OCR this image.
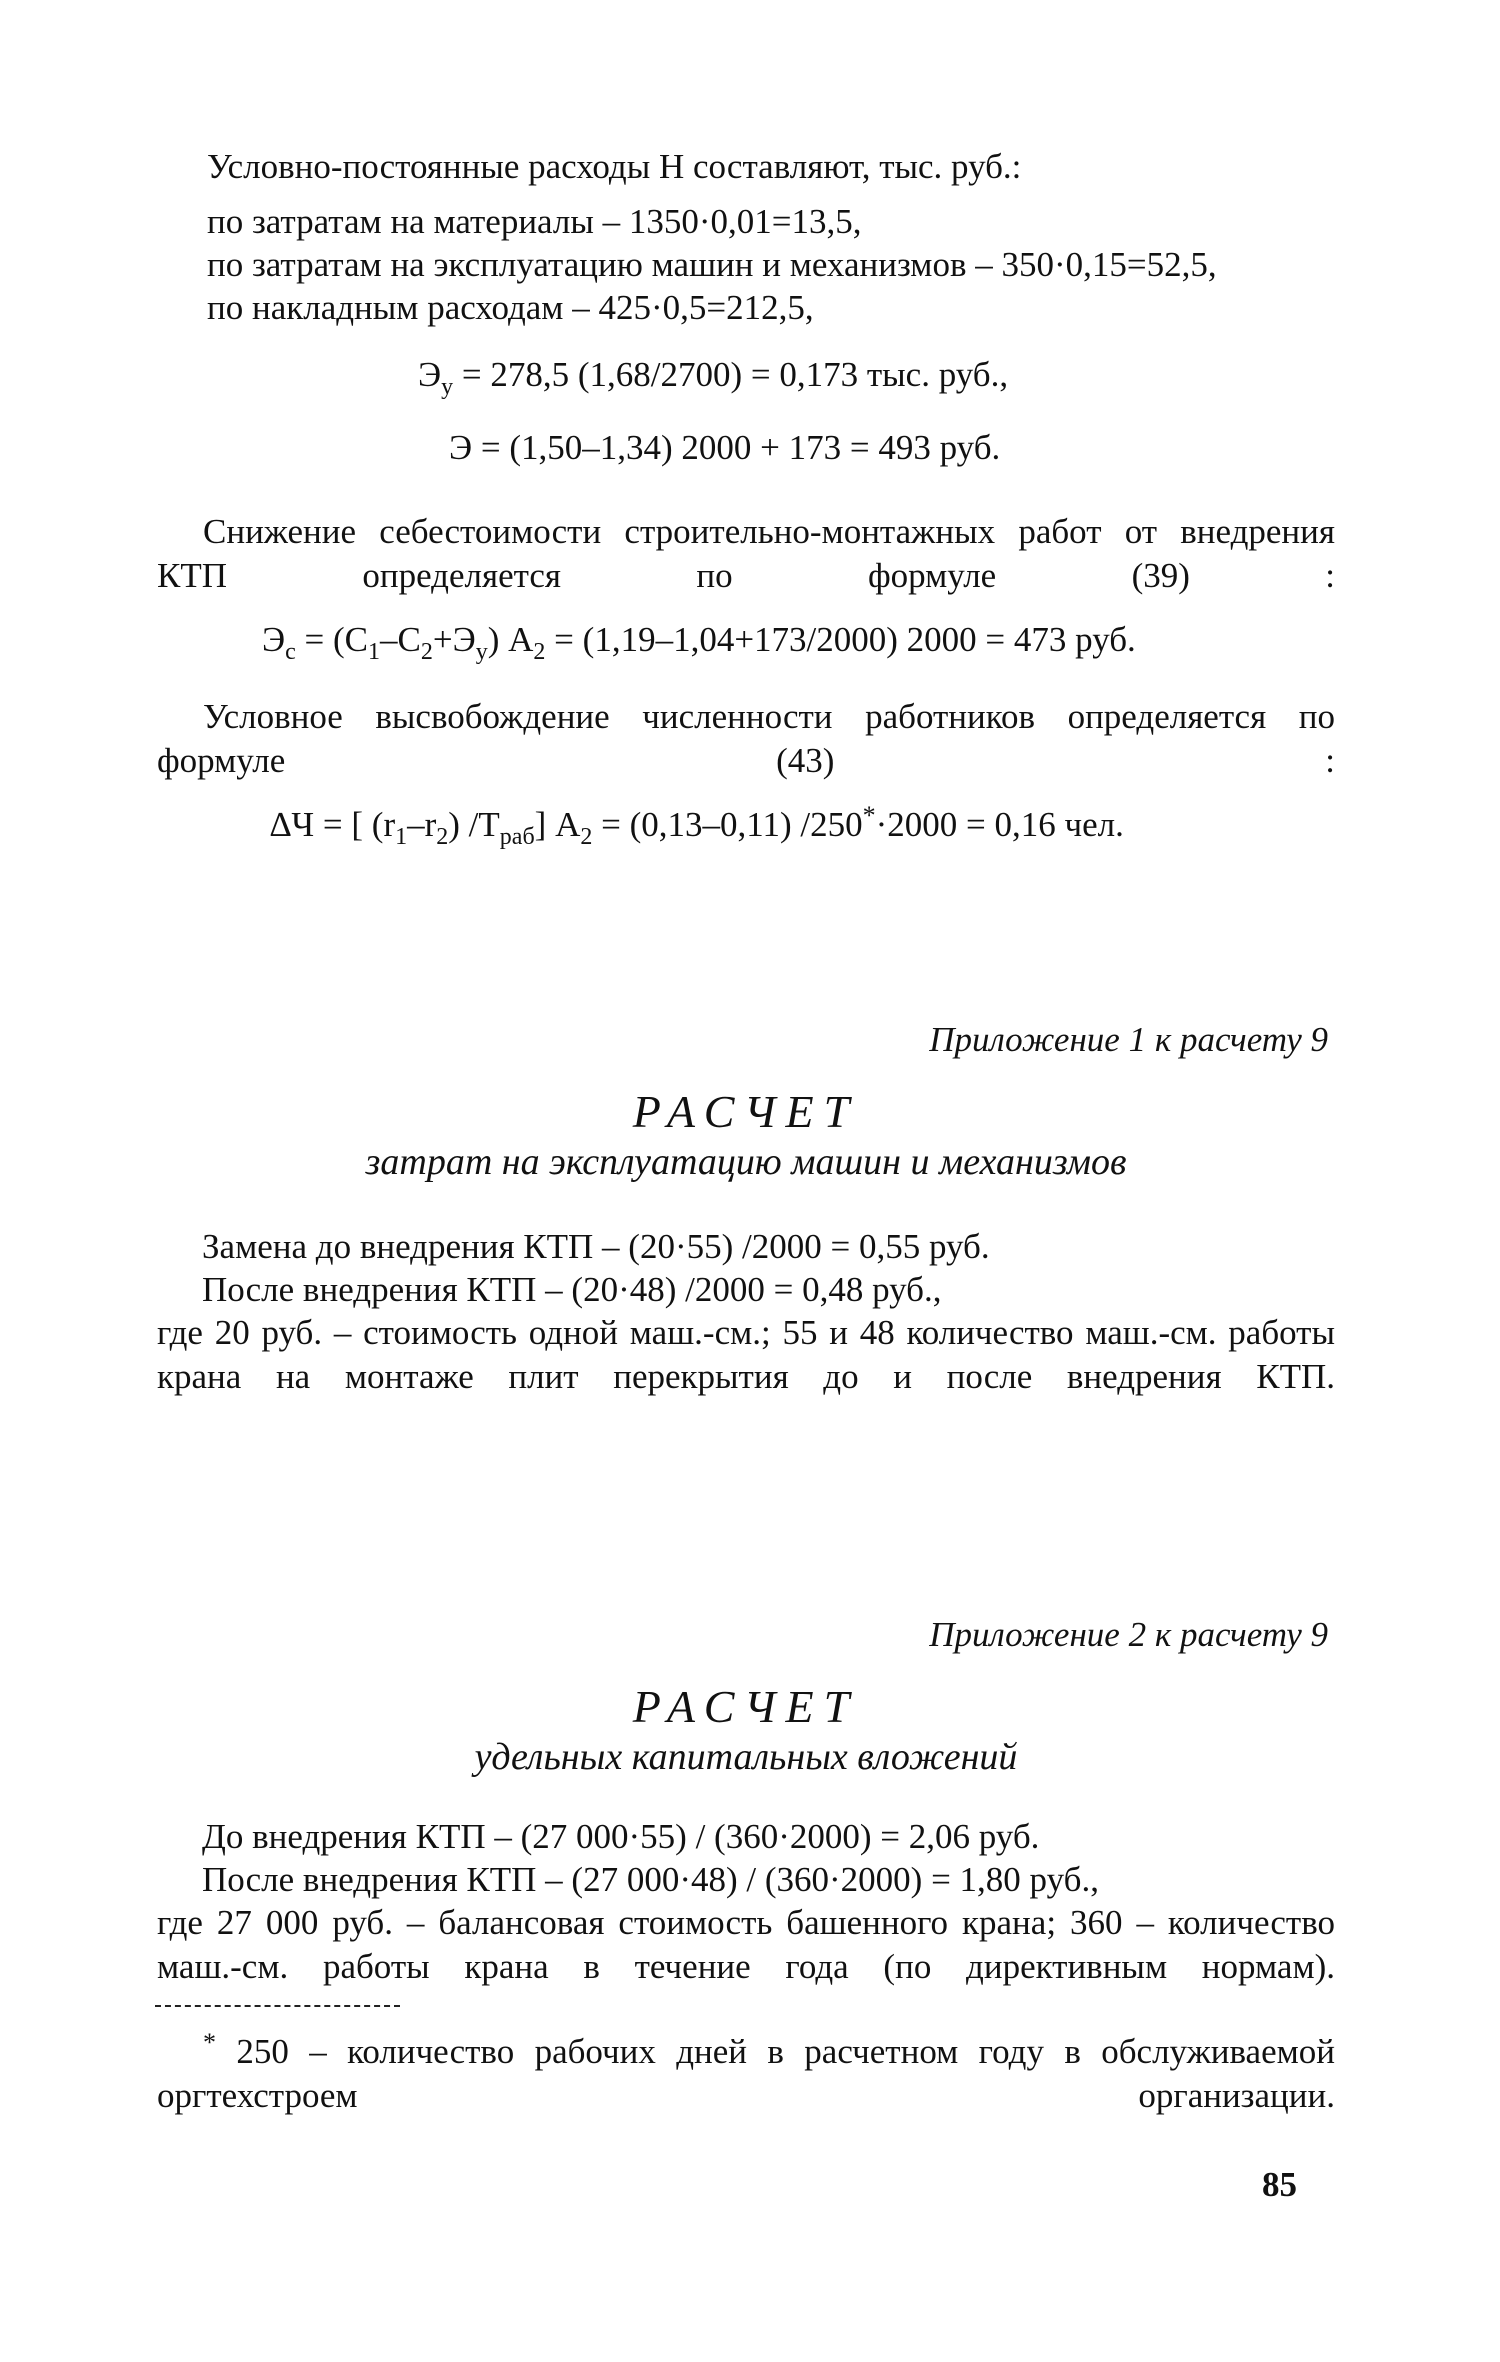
Условно-постоянные расходы Н составляют, тыс. руб.:
по затратам на материалы – 1350·0,01=13,5,
по затратам на эксплуатацию машин и механизмов – 350·0,15=52,5,
по накладным расходам – 425·0,5=212,5,
$Э_у = 278,5$ (1,68/2700) = 0,173 тыс. руб.,
Э = (1,50–1,34) 2000 + 173 = 493 руб.
Снижение себестоимости строительно-монтажных работ от внедрения КТП определяется по формуле (39) :
$Э_с = (С_1-С_2+Э_у) А_2 = (1,19-1,04+173/2000) 2000 = 473$ руб.
Условное высвобождение численности работников определяется по формуле (43) :
∆Ч = [ $(r_1-r_2)$ $/Т_{раб}$] $А_2 = (0,13-0,11) /250^*\cdot 2000 = 0,16$ чел.
Приложение 1 к расчету 9
РАСЧЕТ
затрат на эксплуатацию машин и механизмов
Замена до внедрения КТП – (20·55) /2000 = 0,55 руб.
После внедрения КТП – (20·48) /2000 = 0,48 руб.,
где 20 руб. – стоимость одной маш.-см.; 55 и 48 количество маш.-см. работы крана на монтаже плит перекрытия до и после внедрения КТП.
Приложение 2 к расчету 9
РАСЧЕТ
удельных капитальных вложений
До внедрения КТП – (27 000·55) / (360·2000) = 2,06 руб.
После внедрения КТП – (27 000·48) / (360·2000) = 1,80 руб.,
где 27 000 руб. – балансовая стоимость башенного крана; 360 – количество маш.-см. работы крана в течение года (по директивным нормам).
* 250 – количество рабочих дней в расчетном году в обслуживаемой оргтехстроем организации.
85
